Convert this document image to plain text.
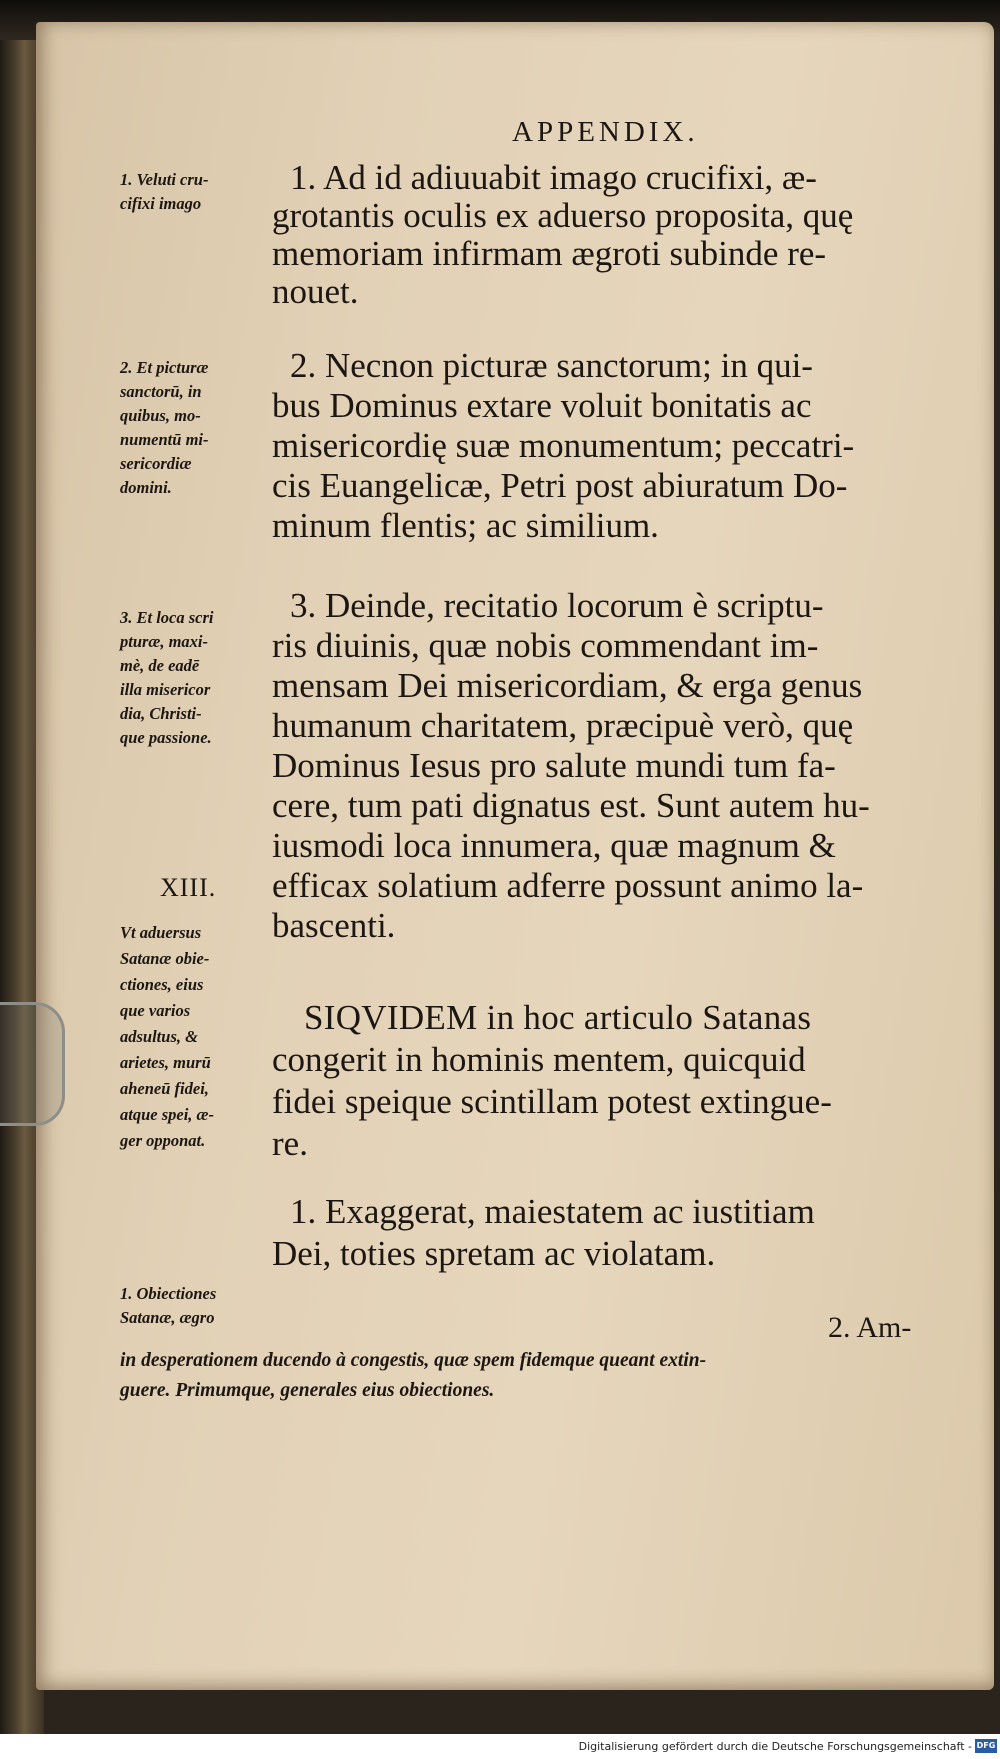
APPENDIX.
1. Veluti cru-
cifixi imago
2. Et picturæ
sanctorū, in
quibus, mo-
numentū mi-
sericordiæ
domini.
3. Et loca scri
pturæ, maxi-
mè, de eadē
illa misericor
dia, Christi-
que passione.
XIII.
Vt aduersus
Satanæ obie-
ctiones, eius
que varios
adsultus, &
arietes, murū
aheneū fidei,
atque spei, æ-
ger opponat.
1. Obiectiones
Satanæ, ægro
1. Ad id adiuuabit imago crucifixi, æ-
grotantis oculis ex aduerso proposita, quę
memoriam infirmam ægroti subinde re-
nouet.
2. Necnon picturæ sanctorum; in qui-
bus Dominus extare voluit bonitatis ac
misericordię suæ monumentum; peccatri-
cis Euangelicæ, Petri post abiuratum Do-
minum flentis; ac similium.
3. Deinde, recitatio locorum è scriptu-
ris diuinis, quæ nobis commendant im-
mensam Dei misericordiam, & erga genus
humanum charitatem, præcipuè verò, quę
Dominus Iesus pro salute mundi tum fa-
cere, tum pati dignatus est. Sunt autem hu-
iusmodi loca innumera, quæ magnum &
efficax solatium adferre possunt animo la-
bascenti.
SIQVIDEM in hoc articulo Satanas
congerit in hominis mentem, quicquid
fidei speique scintillam potest extingue-
re.
1. Exaggerat, maiestatem ac iustitiam
Dei, toties spretam ac violatam.
2. Am-
in desperationem ducendo à congestis, quæ spem fidemque queant extin-
guere. Primumque, generales eius obiectiones.
Digitalisierung gefördert durch die Deutsche Forschungsgemeinschaft - DFG
